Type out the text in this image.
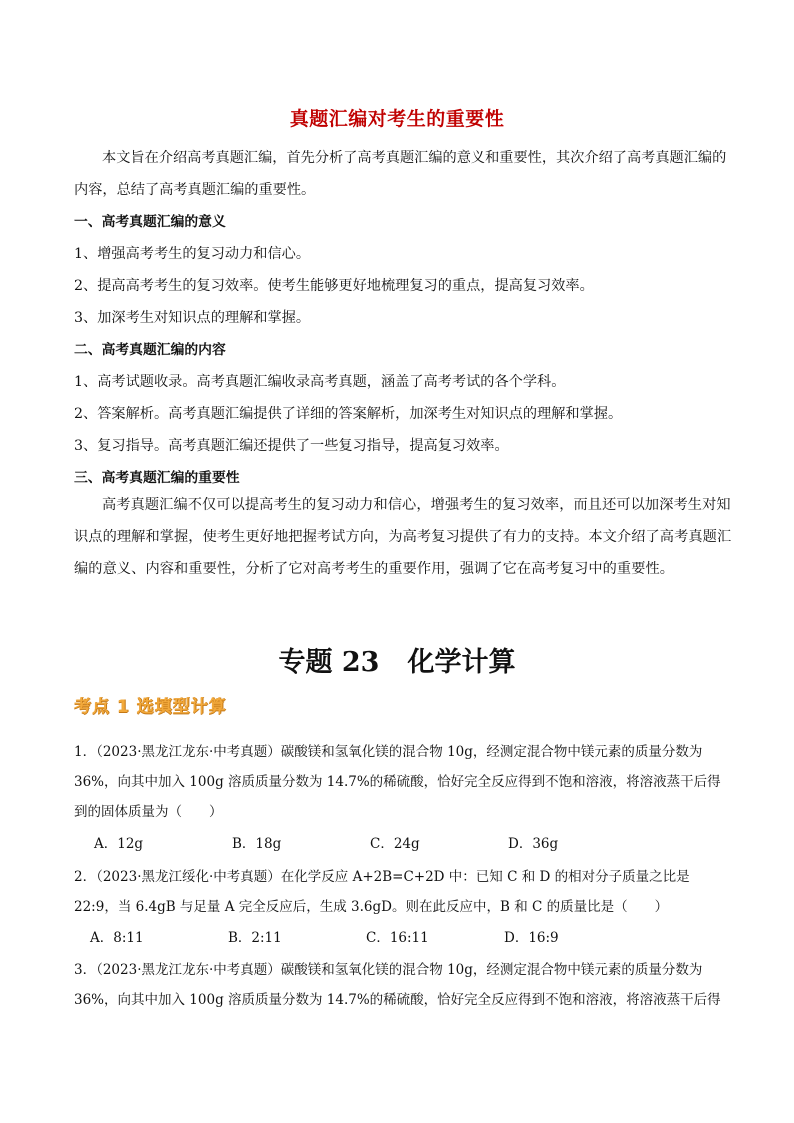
真题汇编对考生的重要性

本文旨在介绍高考真题汇编，首先分析了高考真题汇编的意义和重要性，其次介绍了高考真题汇编的内容，总结了高考真题汇编的重要性。

一、高考真题汇编的意义
1、增强高考考生的复习动力和信心。
2、提高高考考生的复习效率。使考生能够更好地梳理复习的重点，提高复习效率。
3、加深考生对知识点的理解和掌握。
二、高考真题汇编的内容
1、高考试题收录。高考真题汇编收录高考真题，涵盖了高考考试的各个学科。
2、答案解析。高考真题汇编提供了详细的答案解析，加深考生对知识点的理解和掌握。
3、复习指导。高考真题汇编还提供了一些复习指导，提高复习效率。
三、高考真题汇编的重要性

高考真题汇编不仅可以提高考生的复习动力和信心，增强考生的复习效率，而且还可以加深考生对知识点的理解和掌握，使考生更好地把握考试方向，为高考复习提供了有力的支持。本文介绍了高考真题汇编的意义、内容和重要性，分析了它对高考考生的重要作用，强调了它在高考复习中的重要性。

专题 23 化学计算
考点 1 选填型计算

1．（2023·黑龙江龙东·中考真题）碳酸镁和氢氧化镁的混合物 10g，经测定混合物中镁元素的质量分数为 36%，向其中加入 100g 溶质质量分数为 14.7%的稀硫酸，恰好完全反应得到不饱和溶液，将溶液蒸干后得到的固体质量为（　　）

A．12g	B．18g	C．24g	D．36g

2．（2023·黑龙江绥化·中考真题）在化学反应 A+2B=C+2D 中：已知 C 和 D 的相对分子质量之比是 22:9，当 6.4gB 与足量 A 完全反应后，生成 3.6gD。则在此反应中，B 和 C 的质量比是（　　）

A．8:11	B．2:11	C．16:11	D．16:9

3．（2023·黑龙江龙东·中考真题）碳酸镁和氢氧化镁的混合物 10g，经测定混合物中镁元素的质量分数为 36%，向其中加入 100g 溶质质量分数为 14.7%的稀硫酸，恰好完全反应得到不饱和溶液，将溶液蒸干后得
